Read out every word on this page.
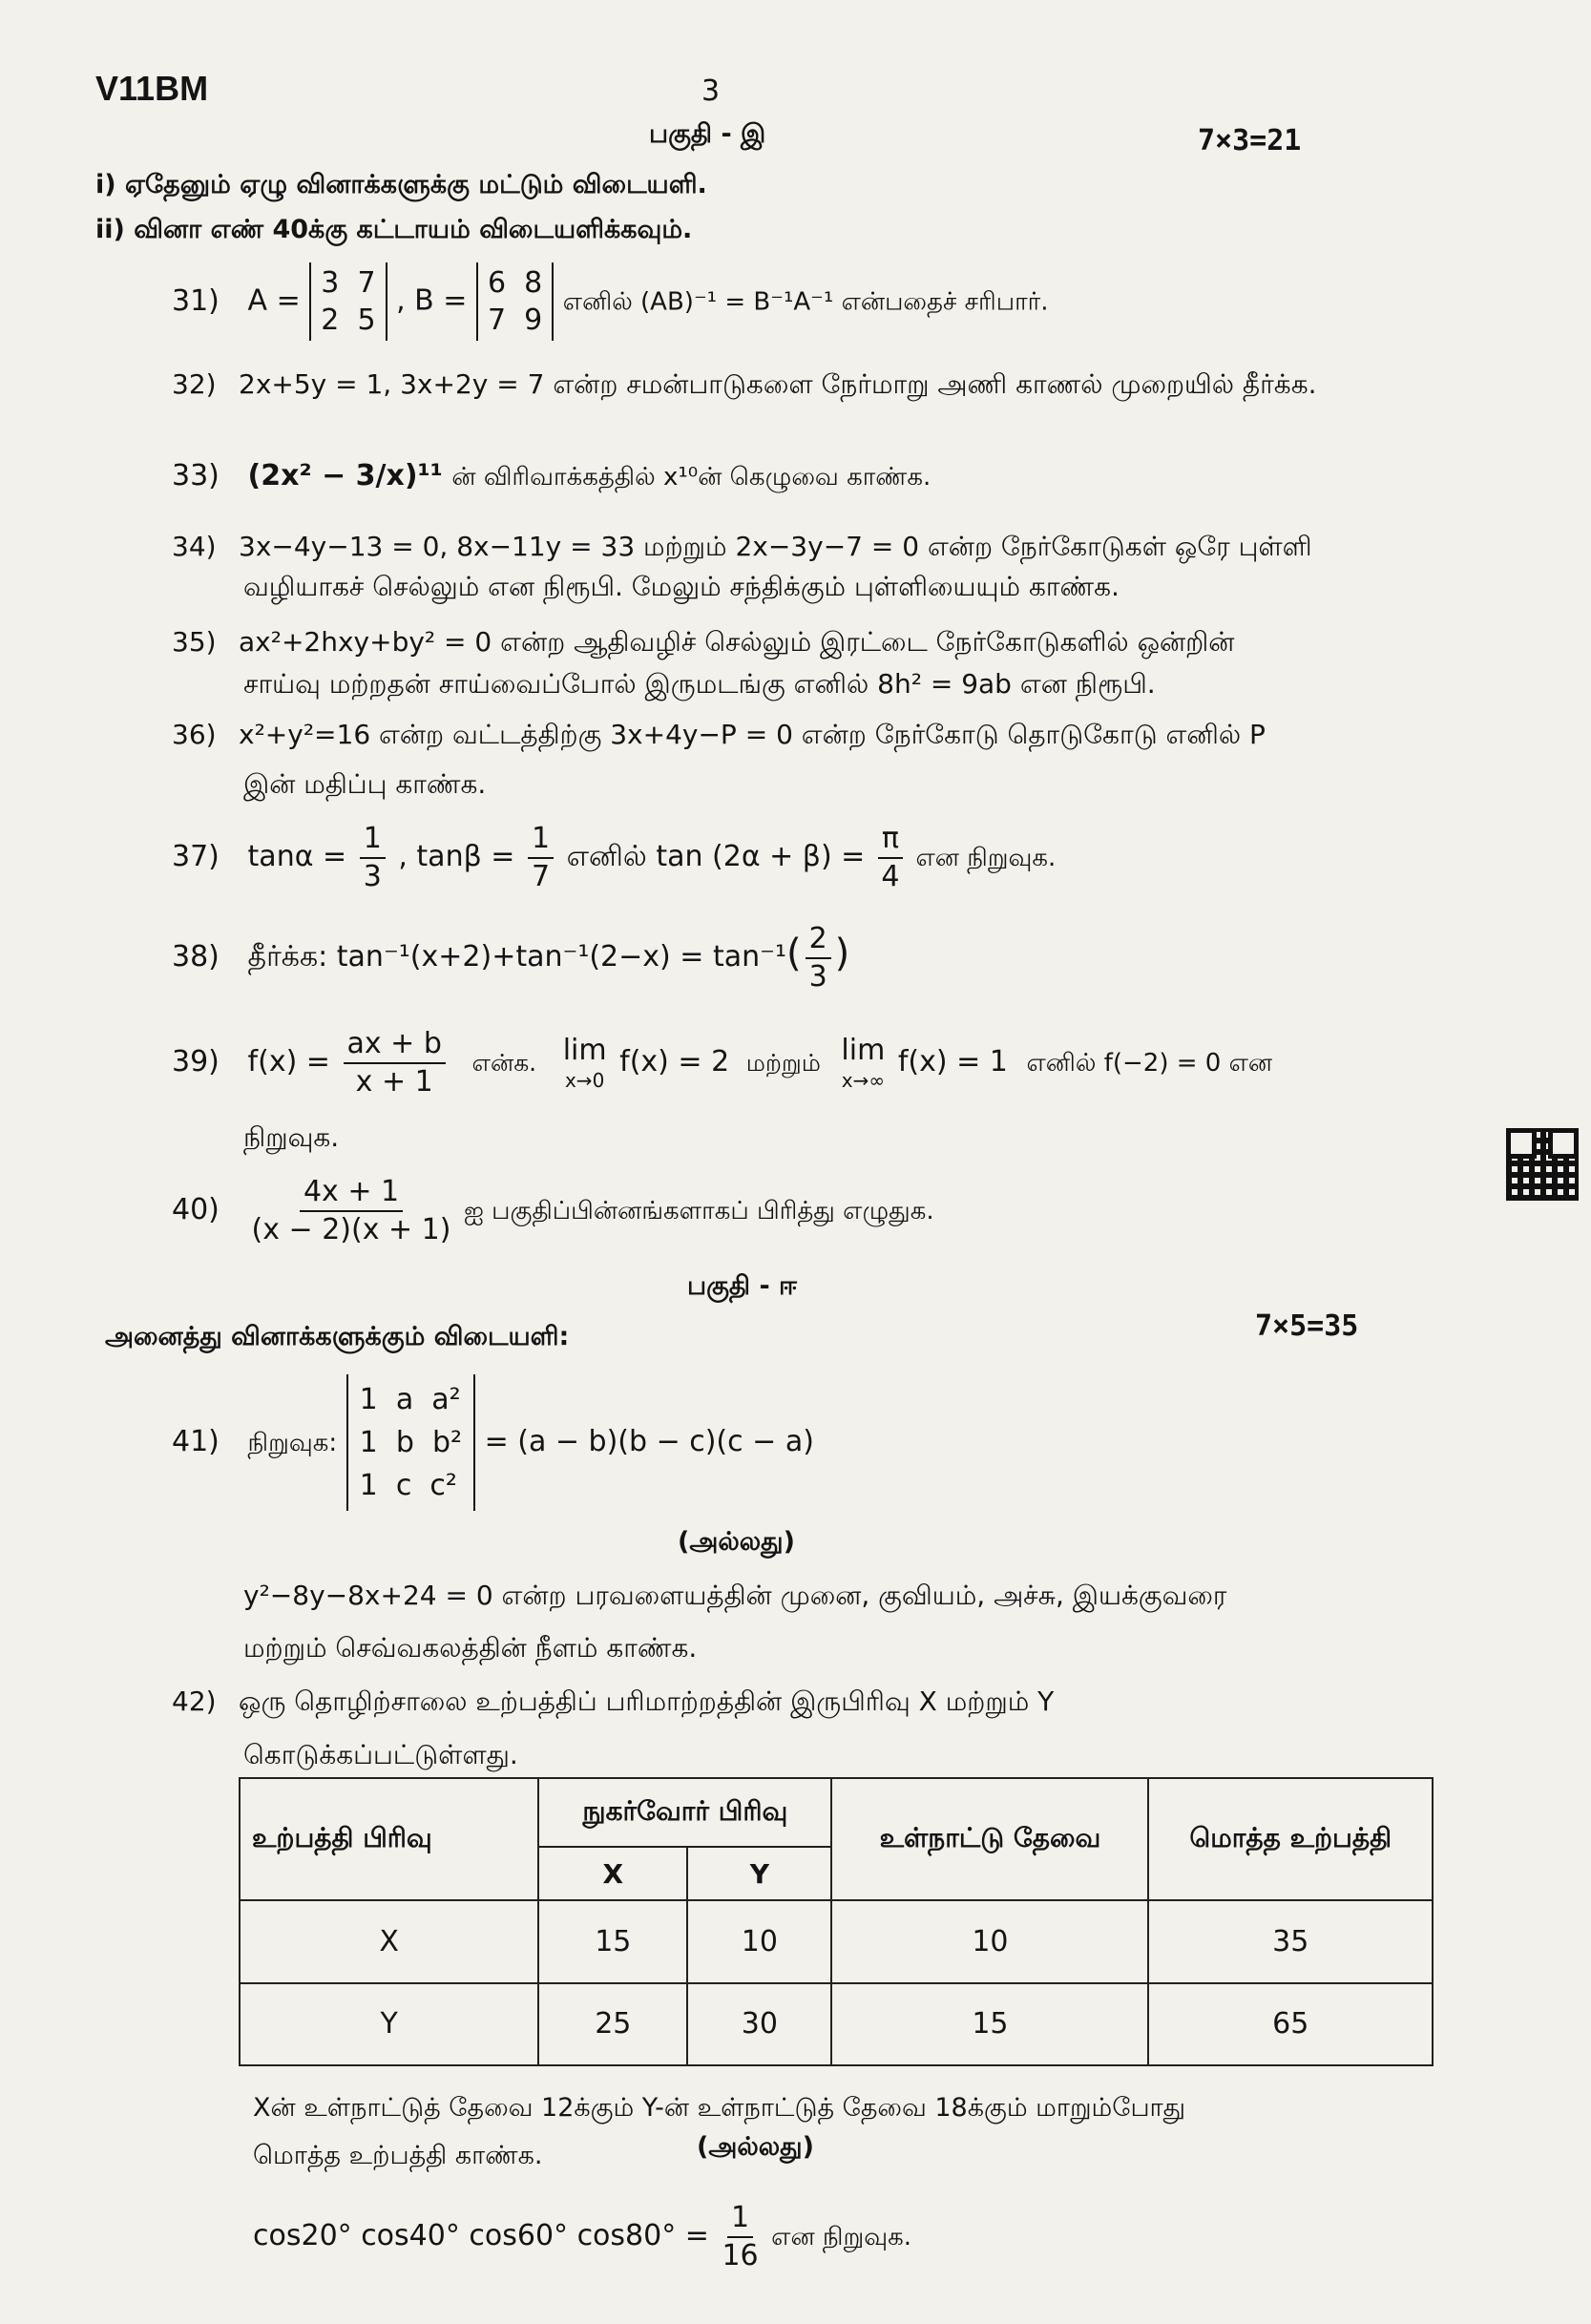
V11BM	3
பகுதி - இ	7×3=21
i) ஏதேனும் ஏழு வினாக்களுக்கு மட்டும் விடையளி.
ii) வினா எண் 40க்கு கட்டாயம் விடையளிக்கவும்.
31) A = 3 7
2 5 , B = 6 8
7 9 எனில் (AB)⁻¹ = B⁻¹A⁻¹ என்பதைச் சரிபார்.
32) 2x+5y = 1, 3x+2y = 7 என்ற சமன்பாடுகளை நேர்மாறு அணி காணல் முறையில் தீர்க்க.
33) (2x² − 3/x)¹¹ ன் விரிவாக்கத்தில் x¹⁰ன் கெழுவை காண்க.
34) 3x−4y−13 = 0, 8x−11y = 33 மற்றும் 2x−3y−7 = 0 என்ற நேர்கோடுகள் ஒரே புள்ளி
வழியாகச் செல்லும் என நிரூபி. மேலும் சந்திக்கும் புள்ளியையும் காண்க.
35) ax²+2hxy+by² = 0 என்ற ஆதிவழிச் செல்லும் இரட்டை நேர்கோடுகளில் ஒன்றின்
சாய்வு மற்றதன் சாய்வைப்போல் இருமடங்கு எனில் 8h² = 9ab என நிரூபி.
36) x²+y²=16 என்ற வட்டத்திற்கு 3x+4y−P = 0 என்ற நேர்கோடு தொடுகோடு எனில் P
இன் மதிப்பு காண்க.
37) $\tan\alpha = \frac{1}{3}$ , $\tan\beta = \frac{1}{7}$ எனில் $\tan (2\alpha + \beta) = \frac{\pi}{4}$ என நிறுவுக.
38) தீர்க்க: $\tan^{-1}(x+2)+\tan^{-1}(2-x) = \tan^{-1}( \frac{2}{3}$ )
39) $f(x) = \frac{ax + b}{x + 1}$ என்க. lim
x→0
f(x) = 2 மற்றும் lim
x→∞
f(x) = 1 எனில் f(−2) = 0 என
நிறுவுக.
$40) \frac{4x + 1}{(x - 2)(x + 1)}$ ஐ பகுதிப்பின்னங்களாகப் பிரித்து எழுதுக.
பகுதி - ஈ
அனைத்து வினாக்களுக்கும் விடையளி:	7×5=35
41) நிறுவுக: 1 a a²
1 b b²
1 c c² = (a − b)(b − c)(c − a)
(அல்லது)
y²−8y−8x+24 = 0 என்ற பரவளையத்தின் முனை, குவியம், அச்சு, இயக்குவரை
மற்றும் செவ்வகலத்தின் நீளம் காண்க.
42) ஒரு தொழிற்சாலை உற்பத்திப் பரிமாற்றத்தின் இருபிரிவு X மற்றும் Y
கொடுக்கப்பட்டுள்ளது.
உற்பத்தி பிரிவு	நுகர்வோர் பிரிவு		உள்நாட்டு தேவை	மொத்த உற்பத்தி
	X	Y		
X	15	10	10	35
Y	25	30	15	65
Xன் உள்நாட்டுத் தேவை 12க்கும் Y-ன் உள்நாட்டுத் தேவை 18க்கும் மாறும்போது
மொத்த உற்பத்தி காண்க.	(அல்லது)
cos20° cos40° cos60° $\cos 80^\circ = \frac{1}{16}$ என நிறுவுக.
